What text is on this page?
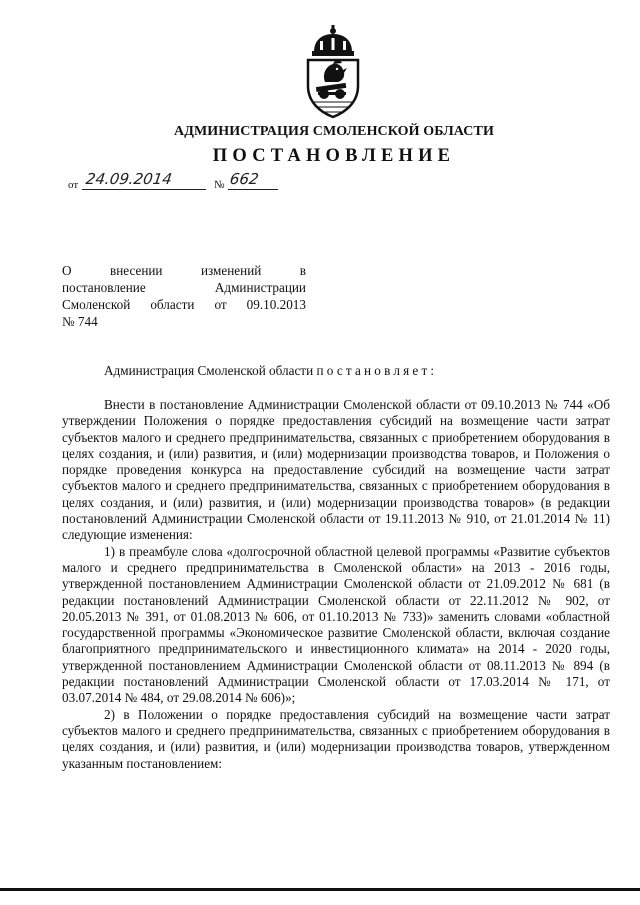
АДМИНИСТРАЦИЯ СМОЛЕНСКОЙ ОБЛАСТИ
ПОСТАНОВЛЕНИЕ
от 24.09.2014	№ 662
О внесении изменений в
постановление Администрации
Смоленской области от 09.10.2013
№ 744
Администрация Смоленской области постановляет:

Внести в постановление Администрации Смоленской области от 09.10.2013 № 744 «Об утверждении Положения о порядке предоставления субсидий на возмещение части затрат субъектов малого и среднего предпринимательства, связанных с приобретением оборудования в целях создания, и (или) развития, и (или) модернизации производства товаров, и Положения о порядке проведения конкурса на предоставление субсидий на возмещение части затрат субъектов малого и среднего предпринимательства, связанных с приобретением оборудования в целях создания, и (или) развития, и (или) модернизации производства товаров» (в редакции постановлений Администрации Смоленской области от 19.11.2013 № 910, от 21.01.2014 № 11) следующие изменения:

1) в преамбуле слова «долгосрочной областной целевой программы «Развитие субъектов малого и среднего предпринимательства в Смоленской области» на 2013 - 2016 годы, утвержденной постановлением Администрации Смоленской области от 21.09.2012 № 681 (в редакции постановлений Администрации Смоленской области от 22.11.2012 № 902, от 20.05.2013 № 391, от 01.08.2013 № 606, от 01.10.2013 № 733)» заменить словами «областной государственной программы «Экономическое развитие Смоленской области, включая создание благоприятного предпринимательского и инвестиционного климата» на 2014 - 2020 годы, утвержденной постановлением Администрации Смоленской области от 08.11.2013 № 894 (в редакции постановлений Администрации Смоленской области от 17.03.2014 № 171, от 03.07.2014 № 484, от 29.08.2014 № 606)»;

2) в Положении о порядке предоставления субсидий на возмещение части затрат субъектов малого и среднего предпринимательства, связанных с приобретением оборудования в целях создания, и (или) развития, и (или) модернизации производства товаров, утвержденном указанным постановлением:
